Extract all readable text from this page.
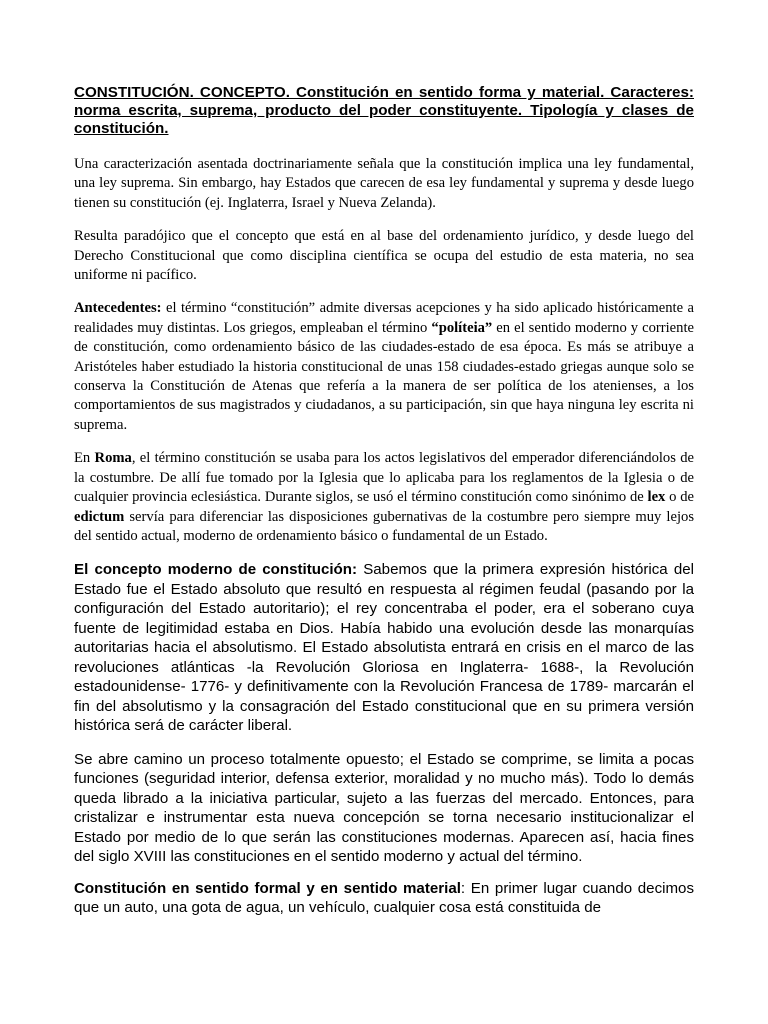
CONSTITUCIÓN. CONCEPTO. Constitución en sentido forma y material. Caracteres: norma escrita, suprema, producto del poder constituyente. Tipología y clases de constitución.

Una caracterización asentada doctrinariamente señala que la constitución implica una ley fundamental, una ley suprema. Sin embargo, hay Estados que carecen de esa ley fundamental y suprema y desde luego tienen su constitución (ej. Inglaterra, Israel y Nueva Zelanda).

Resulta paradójico que el concepto que está en al base del ordenamiento jurídico, y desde luego del Derecho Constitucional que como disciplina científica se ocupa del estudio de esta materia, no sea uniforme ni pacífico.

Antecedentes: el término “constitución” admite diversas acepciones y ha sido aplicado históricamente a realidades muy distintas. Los griegos, empleaban el término “políteia” en el sentido moderno y corriente de constitución, como ordenamiento básico de las ciudades-estado de esa época. Es más se atribuye a Aristóteles haber estudiado la historia constitucional de unas 158 ciudades-estado griegas aunque solo se conserva la Constitución de Atenas que refería a la manera de ser política de los atenienses, a los comportamientos de sus magistrados y ciudadanos, a su participación, sin que haya ninguna ley escrita ni suprema.

En Roma, el término constitución se usaba para los actos legislativos del emperador diferenciándolos de la costumbre. De allí fue tomado por la Iglesia que lo aplicaba para los reglamentos de la Iglesia o de cualquier provincia eclesiástica. Durante siglos, se usó el término constitución como sinónimo de lex o de edictum servía para diferenciar las disposiciones gubernativas de la costumbre pero siempre muy lejos del sentido actual, moderno de ordenamiento básico o fundamental de un Estado.

El concepto moderno de constitución: Sabemos que la primera expresión histórica del Estado fue el Estado absoluto que resultó en respuesta al régimen feudal (pasando por la configuración del Estado autoritario); el rey concentraba el poder, era el soberano cuya fuente de legitimidad estaba en Dios. Había habido una evolución desde las monarquías autoritarias hacia el absolutismo. El Estado absolutista entrará en crisis en el marco de las revoluciones atlánticas -la Revolución Gloriosa en Inglaterra- 1688-, la Revolución estadounidense- 1776- y definitivamente con la Revolución Francesa de 1789- marcarán el fin del absolutismo y la consagración del Estado constitucional que en su primera versión histórica será de carácter liberal.

Se abre camino un proceso totalmente opuesto; el Estado se comprime, se limita a pocas funciones (seguridad interior, defensa exterior, moralidad y no mucho más). Todo lo demás queda librado a la iniciativa particular, sujeto a las fuerzas del mercado. Entonces, para cristalizar e instrumentar esta nueva concepción se torna necesario institucionalizar el Estado por medio de lo que serán las constituciones modernas. Aparecen así, hacia fines del siglo XVIII las constituciones en el sentido moderno y actual del término.

Constitución en sentido formal y en sentido material: En primer lugar cuando decimos que un auto, una gota de agua, un vehículo, cualquier cosa está constituida de
